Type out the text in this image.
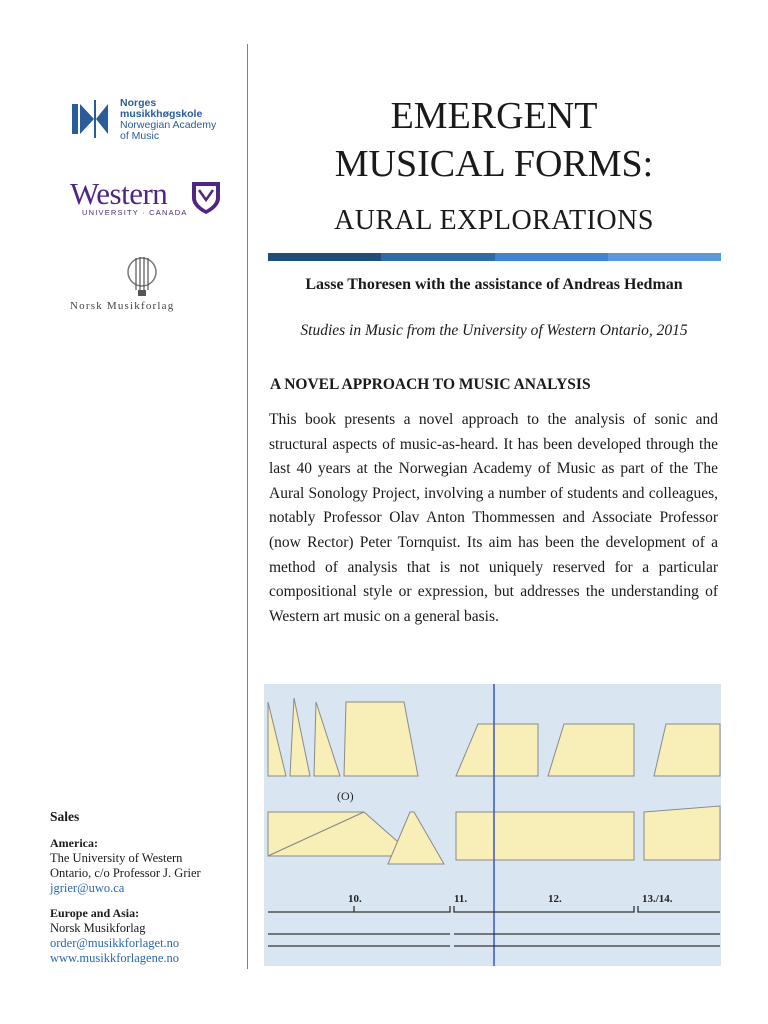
Norges
musikkhøgskole
Norwegian Academy
of Music
Western
UNIVERSITY · CANADA
Norsk Musikforlag
EMERGENT
MUSICAL FORMS:
AURAL EXPLORATIONS
Lasse Thoresen with the assistance of Andreas Hedman
Studies in Music from the University of Western Ontario, 2015
A NOVEL APPROACH TO MUSIC ANALYSIS
This book presents a novel approach to the analysis of sonic and structural aspects of music-as-heard. It has been developed through the last 40 years at the Norwegian Academy of Music as part of the The Aural Sonology Project, involving a number of students and colleagues, notably Professor Olav Anton Thommessen and Associate Professor (now Rector) Peter Tornquist. Its aim has been the development of a method of analysis that is not uniquely reserved for a particular compositional style or expression, but addresses the understanding of Western art music on a general basis.
(O)
10.	11.	12.	13./14.
Sales
America:
The University of Western
Ontario, c/o Professor J. Grier
jgrier@uwo.ca
Europe and Asia:
Norsk Musikforlag
order@musikkforlaget.no
www.musikkforlagene.no
